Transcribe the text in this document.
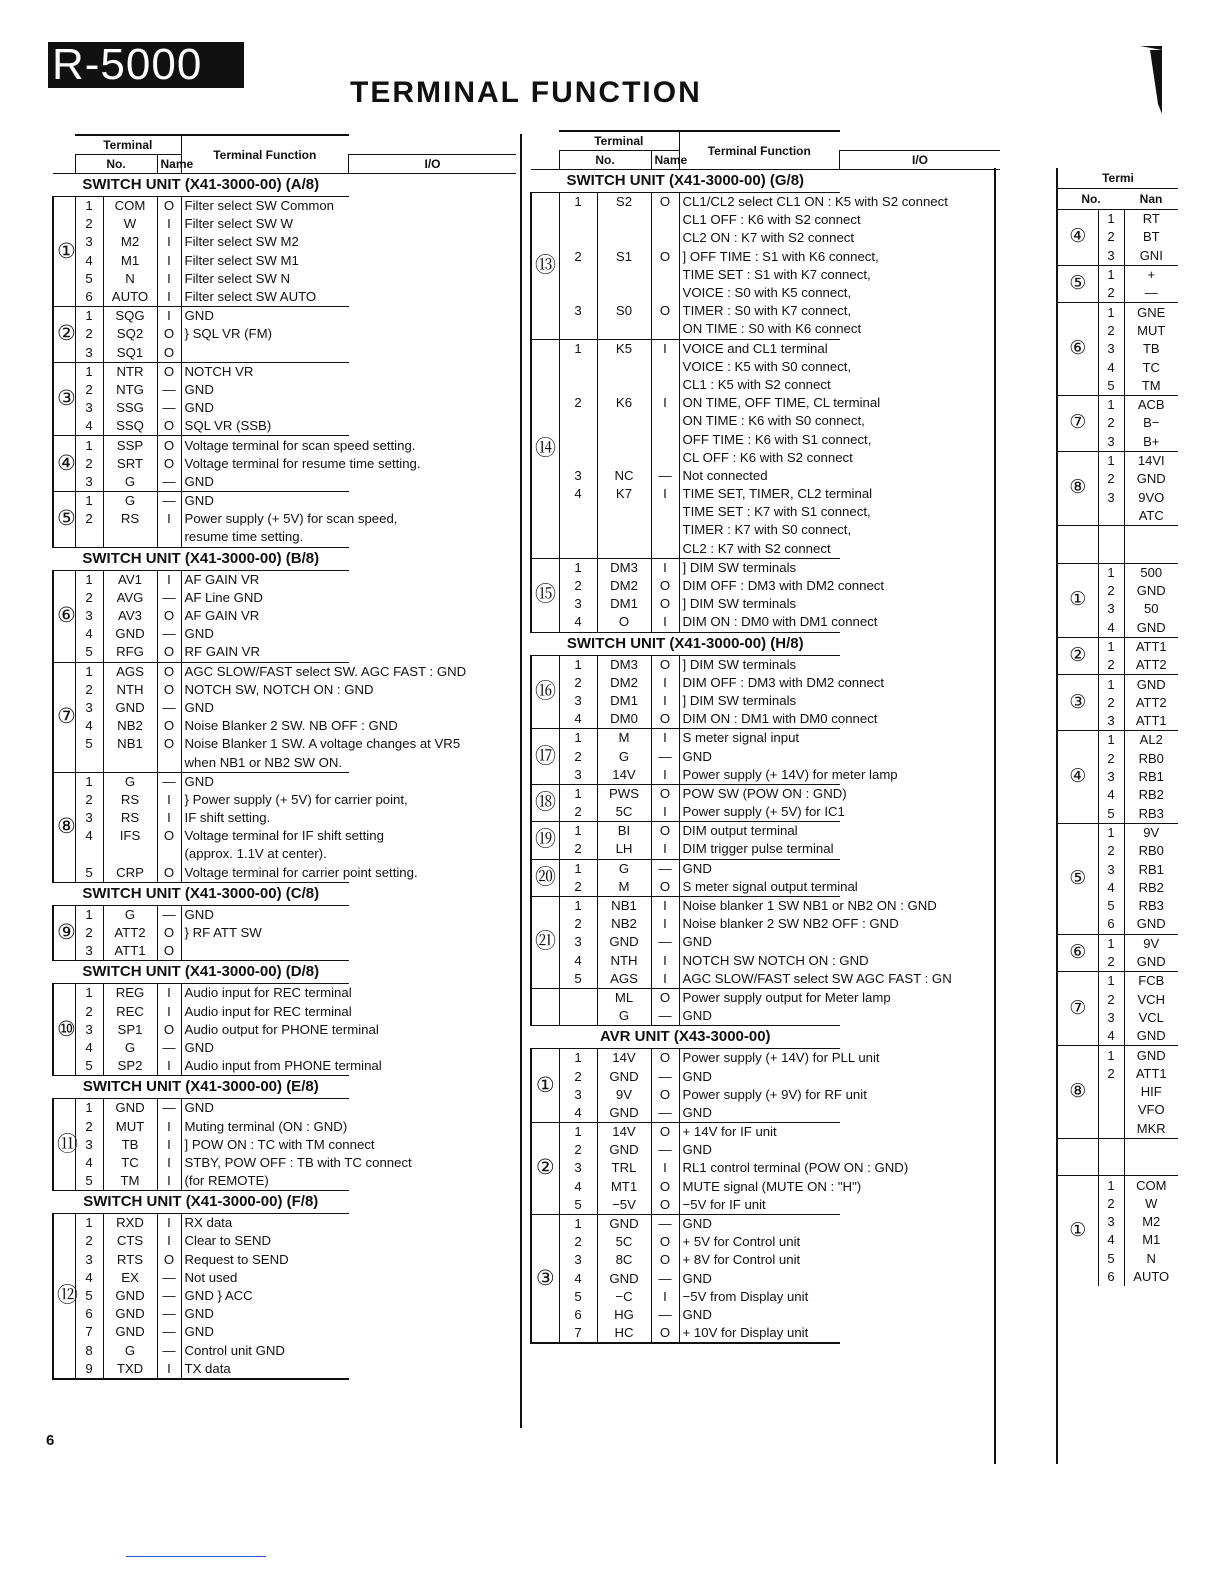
R-5000
TERMINAL FUNCTION
	Terminal			Terminal Function	
	No.		Name		I/O
SWITCH UNIT (X41-3000-00) (A/8)					
①	1	COM	O	Filter select SW Common	
	2	W	I	Filter select SW W	
	3	M2	I	Filter select SW M2	
	4	M1	I	Filter select SW M1	
	5	N	I	Filter select SW N	
	6	AUTO	I	Filter select SW AUTO	
②	1	SQG	I	GND	
	2	SQ2	O	} SQL VR (FM)	
	3	SQ1	O		
③	1	NTR	O	NOTCH VR	
	2	NTG	—	GND	
	3	SSG	—	GND	
	4	SSQ	O	SQL VR (SSB)	
④	1	SSP	O	Voltage terminal for scan speed setting.	
	2	SRT	O	Voltage terminal for resume time setting.	
	3	G	—	GND	
⑤	1	G	—	GND	
	2	RS	I	Power supply (+ 5V) for scan speed,	
				resume time setting.	
SWITCH UNIT (X41-3000-00) (B/8)					
⑥	1	AV1	I	AF GAIN VR	
	2	AVG	—	AF Line GND	
	3	AV3	O	AF GAIN VR	
	4	GND	—	GND	
	5	RFG	O	RF GAIN VR	
⑦	1	AGS	O	AGC SLOW/FAST select SW. AGC FAST : GND	
	2	NTH	O	NOTCH SW, NOTCH ON : GND	
	3	GND	—	GND	
	4	NB2	O	Noise Blanker 2 SW. NB OFF : GND	
	5	NB1	O	Noise Blanker 1 SW. A voltage changes at VR5	
				when NB1 or NB2 SW ON.	
⑧	1	G	—	GND	
	2	RS	I	} Power supply (+ 5V) for carrier point,	
	3	RS	I	IF shift setting.	
	4	IFS	O	Voltage terminal for IF shift setting	
				(approx. 1.1V at center).	
	5	CRP	O	Voltage terminal for carrier point setting.	
SWITCH UNIT (X41-3000-00) (C/8)					
⑨	1	G	—	GND	
	2	ATT2	O	} RF ATT SW	
	3	ATT1	O		
SWITCH UNIT (X41-3000-00) (D/8)					
⑩	1	REG	I	Audio input for REC terminal	
	2	REC	I	Audio input for REC terminal	
	3	SP1	O	Audio output for PHONE terminal	
	4	G	—	GND	
	5	SP2	I	Audio input from PHONE terminal	
SWITCH UNIT (X41-3000-00) (E/8)					
⑪	1	GND	—	GND	
	2	MUT	I	Muting terminal (ON : GND)	
	3	TB	I	] POW ON : TC with TM connect	
	4	TC	I	STBY, POW OFF : TB with TC connect	
	5	TM	I	(for REMOTE)	
SWITCH UNIT (X41-3000-00) (F/8)					
⑫	1	RXD	I	RX data	
	2	CTS	I	Clear to SEND	
	3	RTS	O	Request to SEND	
	4	EX	—	Not used	
	5	GND	—	GND } ACC	
	6	GND	—	GND	
	7	GND	—	GND	
	8	G	—	Control unit GND	
	9	TXD	I	TX data	

	Terminal			Terminal Function	
	No.		Name		I/O
SWITCH UNIT (X41-3000-00) (G/8)					
⑬	1	S2	O	CL1/CL2 select CL1 ON : K5 with S2 connect	
				CL1 OFF : K6 with S2 connect	
				CL2 ON : K7 with S2 connect	
	2	S1	O	] OFF TIME : S1 with K6 connect,	
				TIME SET : S1 with K7 connect,	
				VOICE : S0 with K5 connect,	
	3	S0	O	TIMER : S0 with K7 connect,	
				ON TIME : S0 with K6 connect	
⑭	1	K5	I	VOICE and CL1 terminal	
				VOICE : K5 with S0 connect,	
				CL1 : K5 with S2 connect	
	2	K6	I	ON TIME, OFF TIME, CL terminal	
				ON TIME : K6 with S0 connect,	
				OFF TIME : K6 with S1 connect,	
				CL OFF : K6 with S2 connect	
	3	NC	—	Not connected	
	4	K7	I	TIME SET, TIMER, CL2 terminal	
				TIME SET : K7 with S1 connect,	
				TIMER : K7 with S0 connect,	
				CL2 : K7 with S2 connect	
⑮	1	DM3	I	] DIM SW terminals	
	2	DM2	O	DIM OFF : DM3 with DM2 connect	
	3	DM1	O	] DIM SW terminals	
	4	O	I	DIM ON : DM0 with DM1 connect	
SWITCH UNIT (X41-3000-00) (H/8)					
⑯	1	DM3	O	] DIM SW terminals	
	2	DM2	I	DIM OFF : DM3 with DM2 connect	
	3	DM1	I	] DIM SW terminals	
	4	DM0	O	DIM ON : DM1 with DM0 connect	
⑰	1	M	I	S meter signal input	
	2	G	—	GND	
	3	14V	I	Power supply (+ 14V) for meter lamp	
⑱	1	PWS	O	POW SW (POW ON : GND)	
	2	5C	I	Power supply (+ 5V) for IC1	
⑲	1	BI	O	DIM output terminal	
	2	LH	I	DIM trigger pulse terminal	
⑳	1	G	—	GND	
	2	M	O	S meter signal output terminal	
㉑	1	NB1	I	Noise blanker 1 SW NB1 or NB2 ON : GND	
	2	NB2	I	Noise blanker 2 SW NB2 OFF : GND	
	3	GND	—	GND	
	4	NTH	I	NOTCH SW NOTCH ON : GND	
	5	AGS	I	AGC SLOW/FAST select SW AGC FAST : GN	
		ML	O	Power supply output for Meter lamp	
		G	—	GND	
AVR UNIT (X43-3000-00)					
①	1	14V	O	Power supply (+ 14V) for PLL unit	
	2	GND	—	GND	
	3	9V	O	Power supply (+ 9V) for RF unit	
	4	GND	—	GND	
②	1	14V	O	+ 14V for IF unit	
	2	GND	—	GND	
	3	TRL	I	RL1 control terminal (POW ON : GND)	
	4	MT1	O	MUTE signal (MUTE ON : "H")	
	5	−5V	O	−5V for IF unit	
③	1	GND	—	GND	
	2	5C	O	+ 5V for Control unit	
	3	8C	O	+ 8V for Control unit	
	4	GND	—	GND	
	5	−C	I	−5V from Display unit	
	6	HG	—	GND	
	7	HC	O	+ 10V for Display unit	

Termi		
No.		Nan
④	1	RT
	2	BT
	3	GNI
⑤	1	+
	2	—
⑥	1	GNE
	2	MUT
	3	TB
	4	TC
	5	TM
⑦	1	ACB
	2	B−
	3	B+
⑧	1	14VI
	2	GND
	3	9VO
		ATC

①	1	500
	2	GND
	3	50
	4	GND
②	1	ATT1
	2	ATT2
③	1	GND
	2	ATT2
	3	ATT1
④	1	AL2
	2	RB0
	3	RB1
	4	RB2
	5	RB3
⑤	1	9V
	2	RB0
	3	RB1
	4	RB2
	5	RB3
	6	GND
⑥	1	9V
	2	GND
⑦	1	FCB
	2	VCH
	3	VCL
	4	GND
⑧	1	GND
	2	ATT1
		HIF
		VFO
		MKR

①	1	COM
	2	W
	3	M2
	4	M1
	5	N
	6	AUTO
6
